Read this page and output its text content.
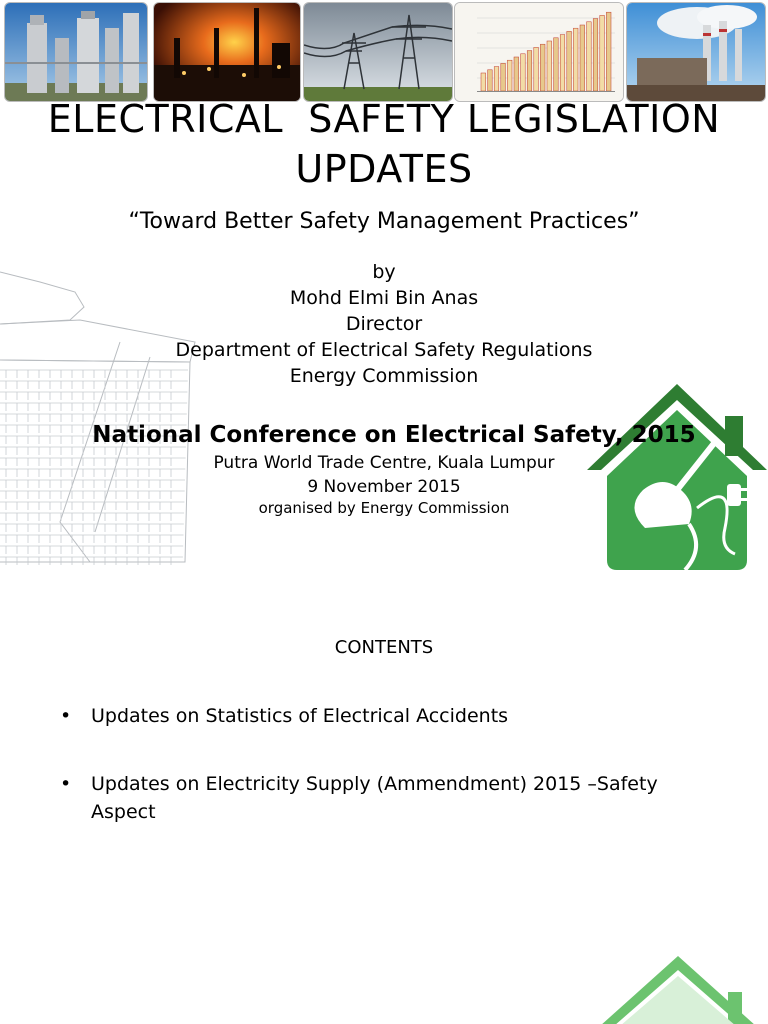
ELECTRICAL  SAFETY LEGISLATION
UPDATES
“Toward Better Safety Management Practices”
by
Mohd Elmi Bin Anas
Director
Department of Electrical Safety Regulations
Energy Commission
National Conference on Electrical Safety, 2015
Putra World Trade Centre, Kuala Lumpur
9 November 2015
organised by Energy Commission
CONTENTS
• Updates on Statistics of Electrical Accidents
• Updates on Electricity Supply (Ammendment) 2015 –Safety Aspect
